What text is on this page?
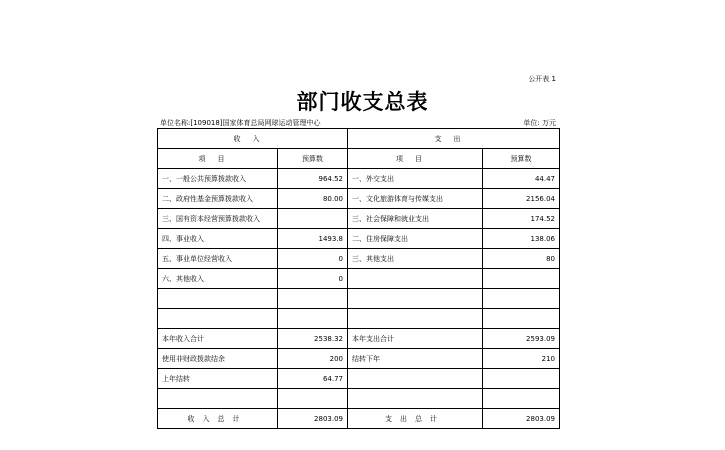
公开表 1
部门收支总表
单位名称:[109018]国家体育总局网球运动管理中心	单位: 万元
收入		支出	
项目	预算数	项目	预算数
一、一般公共预算拨款收入	964.52	一、外交支出	44.47
二、政府性基金预算拨款收入	80.00	一、文化旅游体育与传媒支出	2156.04
三、国有资本经营预算拨款收入		三、社会保障和就业支出	174.52
四、事业收入	1493.8	二、住房保障支出	138.06
五、事业单位经营收入	0	三、其他支出	80
六、其他收入	0		

本年收入合计	2538.32	本年支出合计	2593.09
使用非财政拨款结余	200	结转下年	210
上年结转	64.77		

收入总计	2803.09	支出总计	2803.09
